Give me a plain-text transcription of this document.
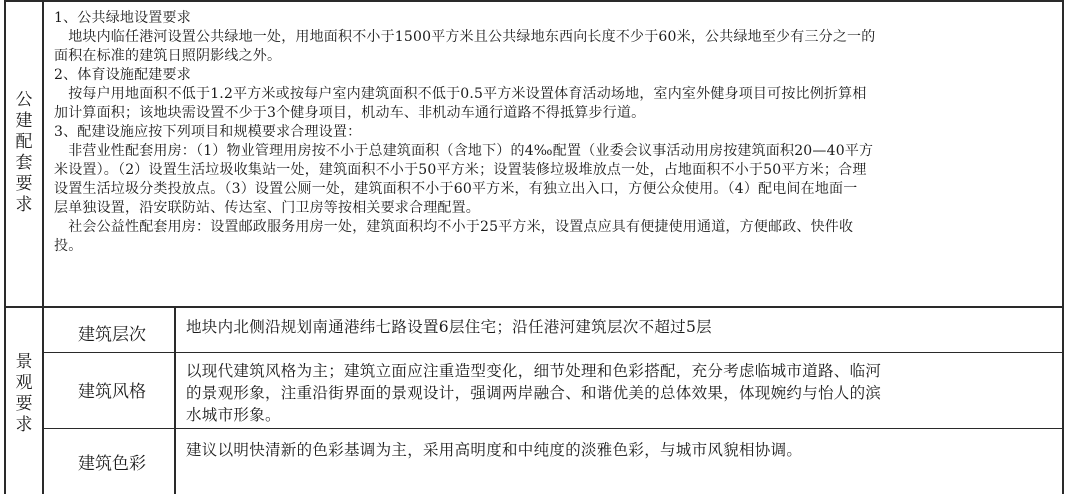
公建配套要求
1、公共绿地设置要求
　地块内临任港河设置公共绿地一处，用地面积不小于1500平方米且公共绿地东西向长度不少于60米，公共绿地至少有三分之一的
面积在标准的建筑日照阴影线之外。
2、体育设施配建要求
　按每户用地面积不低于1.2平方米或按每户室内建筑面积不低于0.5平方米设置体育活动场地，室内室外健身项目可按比例折算相
加计算面积；该地块需设置不少于3个健身项目，机动车、非机动车通行道路不得抵算步行道。
3、配建设施应按下列项目和规模要求合理设置：
　非营业性配套用房：（1）物业管理用房按不小于总建筑面积（含地下）的4‰配置（业委会议事活动用房按建筑面积20—40平方
米设置）。（2）设置生活垃圾收集站一处，建筑面积不小于50平方米；设置装修垃圾堆放点一处，占地面积不小于50平方米；合理
设置生活垃圾分类投放点。（3）设置公厕一处，建筑面积不小于60平方米，有独立出入口，方便公众使用。（4）配电间在地面一
层单独设置，沿安联防站、传达室、门卫房等按相关要求合理配置。
　社会公益性配套用房：设置邮政服务用房一处，建筑面积均不小于25平方米，设置点应具有便捷使用通道，方便邮政、快件收
投。
景观要求
建筑层次	地块内北侧沿规划南通港纬七路设置6层住宅；沿任港河建筑层次不超过5层
建筑风格
以现代建筑风格为主；建筑立面应注重造型变化，细节处理和色彩搭配，充分考虑临城市道路、临河
的景观形象，注重沿街界面的景观设计，强调两岸融合、和谐优美的总体效果，体现婉约与怡人的滨
水城市形象。
建筑色彩
建议以明快清新的色彩基调为主，采用高明度和中纯度的淡雅色彩，与城市风貌相协调。
